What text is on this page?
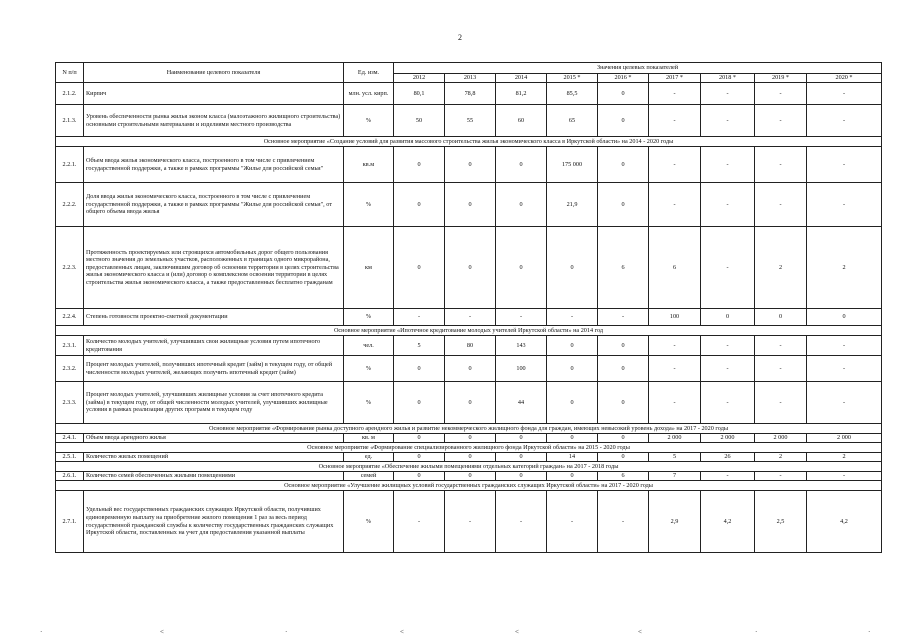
2
N п/п	Наименование целевого показателя	Ед. изм.	Значения целевых показателей								
			2012	2013	2014	2015 *	2016 *	2017 *	2018 *	2019 *	2020 *
2.1.2.	Кирпич	млн. усл. кирп.	80,1	78,8	81,2	85,5	0	-	-	-	-
2.1.3.	Уровень обеспеченности рынка жилья эконом класса (малоэтажного жилищного строительства) основными строительными материалами и изделиями местного производства	%	50	55	60	65	0	-	-	-	-
Основное мероприятие «Создание условий для развития массового строительства жилья экономического класса в Иркутской области» на 2014 - 2020 годы											
2.2.1.	Объем ввода жилья экономического класса, построенного в том числе с привлечением государственной поддержки, а также в рамках программы "Жилье для российской семьи"	кв.м	0	0	0	175 000	0	-	-	-	-
2.2.2.	Доля ввода жилья экономического класса, построенного в том числе с привлечением государственной поддержки, а также в рамках программы "Жилье для российской семьи", от общего объема ввода жилья	%	0	0	0	21,9	0	-	-	-	-
2.2.3.	Протяженность проектируемых или строящихся автомобильных дорог общего пользования местного значения до земельных участков, расположенных в границах одного микрорайона, предоставленных лицам, заключившим договор об освоении территории в целях строительства жилья экономического класса и (или) договор о комплексном освоении территории в целях строительства жилья экономического класса, а также предоставленных бесплатно гражданам	км	0	0	0	0	6	6	-	2	2
2.2.4.	Степень готовности проектно-сметной документации	%	-	-	-	-	-	100	0	0	0
Основное мероприятие «Ипотечное кредитование молодых учителей Иркутской области» на 2014 год											
2.3.1.	Количество молодых учителей, улучшивших свои жилищные условия путем ипотечного кредитования	чел.	5	80	143	0	0	-	-	-	-
2.3.2.	Процент молодых учителей, получивших ипотечный кредит (займ) в текущем году, от общей численности молодых учителей, желающих получить ипотечный кредит (займ)	%	0	0	100	0	0	-	-	-	-
2.3.3.	Процент молодых учителей, улучшивших жилищные условия за счет ипотечного кредита (займа) в текущем году, от общей численности молодых учителей, улучшивших жилищные условия в рамках реализации других программ в текущем году	%	0	0	44	0	0	-	-	-	-
Основное мероприятие «Формирование рынка доступного арендного жилья и развитие некоммерческого жилищного фонда для граждан, имеющих невысокий уровень дохода» на 2017 - 2020 годы											
2.4.1.	Объем ввода арендного жилья	кв. м	0	0	0	0	0	2 000	2 000	2 000	2 000
Основное мероприятие «Формирование специализированного жилищного фонда Иркутской области» на 2015 - 2020 годы											
2.5.1.	Количество жилых помещений	ед.	0	0	0	14	0	5	26	2	2
Основное мероприятие «Обеспечение жилыми помещениями отдельных категорий граждан» на 2017 - 2018 годы											
2.6.1.	Количество семей обеспеченных жилыми помещениями	семей	0	0	0	0	6	7	-	-	-
Основное мероприятие «Улучшение жилищных условий государственных гражданских служащих Иркутской области» на 2017 - 2020 годы											
2.7.1.	Удельный вес государственных гражданских служащих Иркутской области, получивших единовременную выплату на приобретение жилого помещения 1 раз за весь период государственной гражданской службы к количеству государственных гражданских служащих Иркутской области, поставленных на учет для предоставления указанной выплаты	%	-	-	-	-	-	2,9	4,2	2,5	4,2
·	˂	·	˂	˂	˂	·	·
